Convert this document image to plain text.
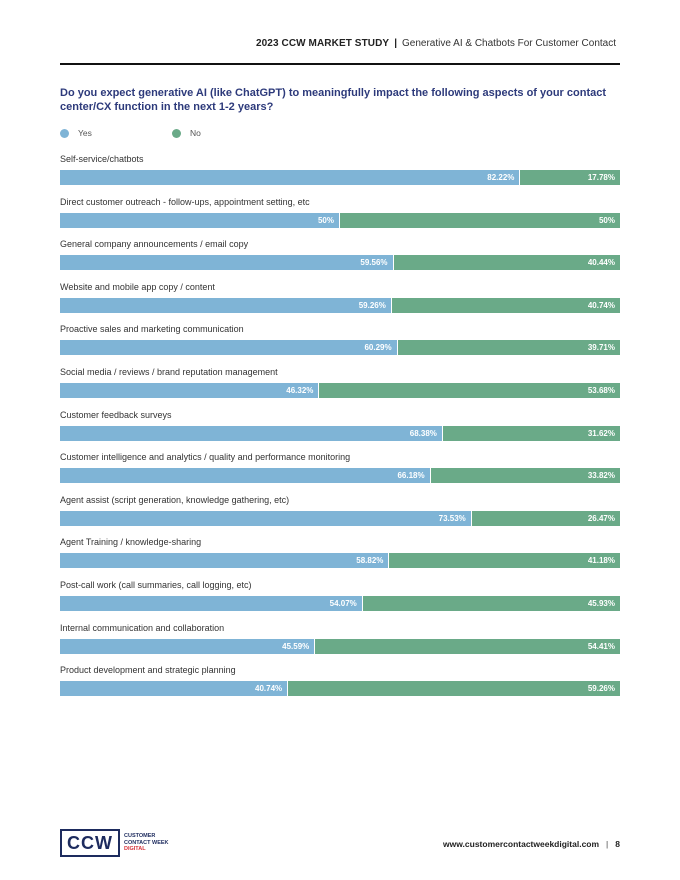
2023 CCW MARKET STUDY | Generative AI & Chatbots For Customer Contact
Do you expect generative AI (like ChatGPT) to meaningfully impact the following aspects of your contact center/CX function in the next 1-2 years?
Yes	No
Self-service/chatbots
82.22%	17.78%
Direct customer outreach - follow-ups, appointment setting, etc
50%	50%
General company announcements / email copy
59.56%	40.44%
Website and mobile app copy / content
59.26%	40.74%
Proactive sales and marketing communication
60.29%	39.71%
Social media / reviews / brand reputation management
46.32%	53.68%
Customer feedback surveys
68.38%	31.62%
Customer intelligence and analytics / quality and performance monitoring
66.18%	33.82%
Agent assist (script generation, knowledge gathering, etc)
73.53%	26.47%
Agent Training / knowledge-sharing
58.82%	41.18%
Post-call work (call summaries, call logging, etc)
54.07%	45.93%
Internal communication and collaboration
45.59%	54.41%
Product development and strategic planning
40.74%	59.26%
CCW	CUSTOMER
CONTACT WEEK
DIGITAL
www.customercontactweekdigital.com | 8
